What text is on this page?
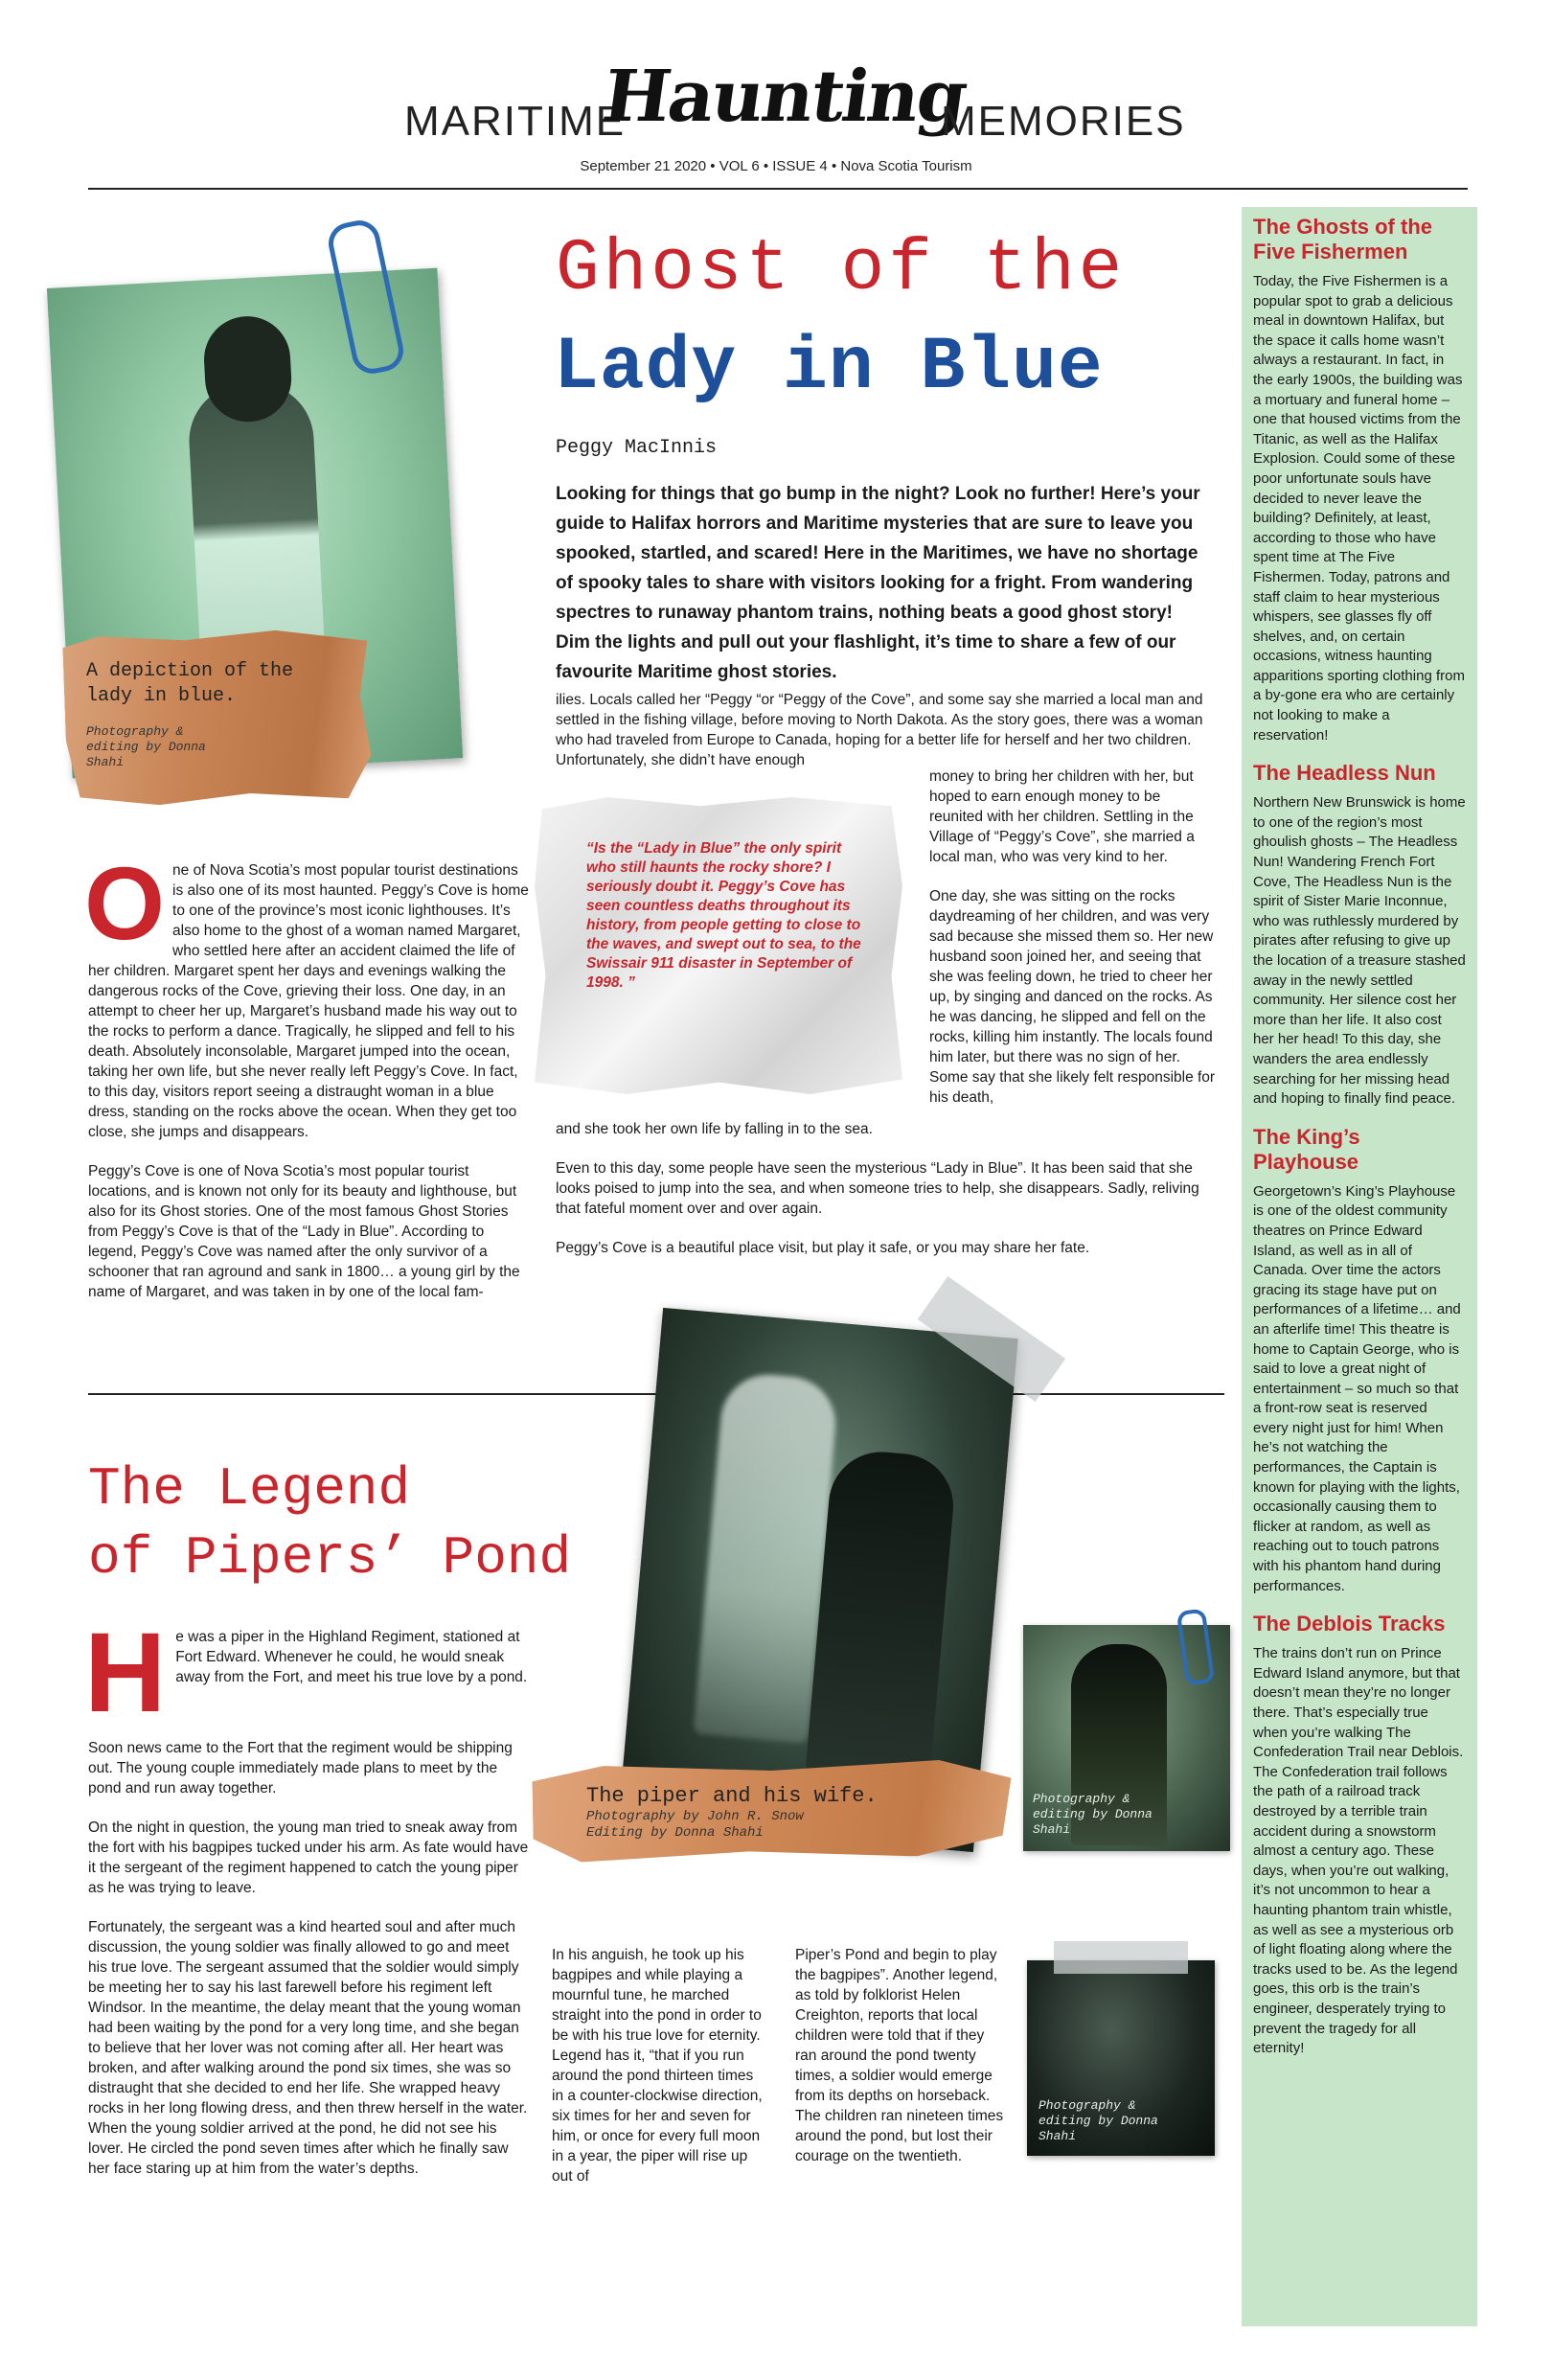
MARITIME
Haunting
MEMORIES
September 21 2020 • VOL 6 • ISSUE 4 • Nova Scotia Tourism
A depiction of the lady in blue.
Photography & editing by Donna Shahi
Ghost of the
Lady in Blue
Peggy MacInnis

Looking for things that go bump in the night? Look no further! Here’s your guide to Halifax horrors and Maritime mysteries that are sure to leave you spooked, startled, and scared! Here in the Maritimes, we have no shortage of spooky tales to share with visitors looking for a fright. From wandering spectres to runaway phantom trains, nothing beats a good ghost story!

Dim the lights and pull out your flashlight, it’s time to share a few of our favourite Maritime ghost stories.

ilies. Locals called her “Peggy “or “Peggy of the Cove”, and some say she married a local man and settled in the fishing village, before moving to North Dakota. As the story goes, there was a woman who had traveled from Europe to Canada, hoping for a better life for herself and her two children. Unfortunately, she didn’t have enough

money to bring her children with her, but hoped to earn enough money to be reunited with her children. Settling in the Village of “Peggy’s Cove”, she married a local man, who was very kind to her.

One day, she was sitting on the rocks daydreaming of her children, and was very sad because she missed them so. Her new husband soon joined her, and seeing that she was feeling down, he tried to cheer her up, by singing and danced on the rocks. As he was dancing, he slipped and fell on the rocks, killing him instantly. The locals found him later, but there was no sign of her. Some say that she likely felt responsible for his death,

and she took her own life by falling in to the sea.

Even to this day, some people have seen the mysterious “Lady in Blue”. It has been said that she looks poised to jump into the sea, and when someone tries to help, she disappears. Sadly, reliving that fateful moment over and over again.

Peggy’s Cove is a beautiful place visit, but play it safe, or you may share her fate.

“Is the “Lady in Blue” the only spirit who still haunts the rocky shore? I seriously doubt it. Peggy’s Cove has seen countless deaths throughout its history, from people getting to close to the waves, and swept out to sea, to the Swissair 911 disaster in September of 1998. ”

One of Nova Scotia’s most popular tourist destinations is also one of its most haunted. Peggy’s Cove is home to one of the province’s most iconic lighthouses. It’s also home to the ghost of a woman named Margaret, who settled here after an accident claimed the life of her children. Margaret spent her days and evenings walking the dangerous rocks of the Cove, grieving their loss. One day, in an attempt to cheer her up, Margaret’s husband made his way out to the rocks to perform a dance. Tragically, he slipped and fell to his death. Absolutely inconsolable, Margaret jumped into the ocean, taking her own life, but she never really left Peggy’s Cove. In fact, to this day, visitors report seeing a distraught woman in a blue dress, standing on the rocks above the ocean. When they get too close, she jumps and disappears.

Peggy’s Cove is one of Nova Scotia’s most popular tourist locations, and is known not only for its beauty and lighthouse, but also for its Ghost stories. One of the most famous Ghost Stories from Peggy’s Cove is that of the “Lady in Blue”. According to legend, Peggy’s Cove was named after the only survivor of a schooner that ran aground and sank in 1800… a young girl by the name of Margaret, and was taken in by one of the local fam-

The piper and his wife.
Photography by John R. Snow
Editing by Donna Shahi
Photography & editing by Donna Shahi
Photography & editing by Donna Shahi
The Legend
of Pipers’ Pond

He was a piper in the Highland Regiment, stationed at Fort Edward. Whenever he could, he would sneak away from the Fort, and meet his true love by a pond.

Soon news came to the Fort that the regiment would be shipping out. The young couple immediately made plans to meet by the pond and run away together.

On the night in question, the young man tried to sneak away from the fort with his bagpipes tucked under his arm. As fate would have it the sergeant of the regiment happened to catch the young piper as he was trying to leave.

Fortunately, the sergeant was a kind hearted soul and after much discussion, the young soldier was finally allowed to go and meet his true love. The sergeant assumed that the soldier would simply be meeting her to say his last farewell before his regiment left Windsor. In the meantime, the delay meant that the young woman had been waiting by the pond for a very long time, and she began to believe that her lover was not coming after all. Her heart was broken, and after walking around the pond six times, she was so distraught that she decided to end her life. She wrapped heavy rocks in her long flowing dress, and then threw herself in the water. When the young soldier arrived at the pond, he did not see his lover. He circled the pond seven times after which he finally saw her face staring up at him from the water’s depths.

In his anguish, he took up his bagpipes and while playing a mournful tune, he marched straight into the pond in order to be with his true love for eternity. Legend has it, “that if you run around the pond thirteen times in a counter-clockwise direction, six times for her and seven for him, or once for every full moon in a year, the piper will rise up out of
Piper’s Pond and begin to play the bagpipes”. Another legend, as told by folklorist Helen Creighton, reports that local children were told that if they ran around the pond twenty times, a soldier would emerge from its depths on horseback. The children ran nineteen times around the pond, but lost their courage on the twentieth.
The Ghosts of the Five Fishermen
Today, the Five Fishermen is a popular spot to grab a delicious meal in downtown Halifax, but the space it calls home wasn’t always a restaurant. In fact, in the early 1900s, the building was a mortuary and funeral home – one that housed victims from the Titanic, as well as the Halifax Explosion. Could some of these poor unfortunate souls have decided to never leave the building? Definitely, at least, according to those who have spent time at The Five Fishermen. Today, patrons and staff claim to hear mysterious whispers, see glasses fly off shelves, and, on certain occasions, witness haunting apparitions sporting clothing from a by-gone era who are certainly not looking to make a reservation!
The Headless Nun
Northern New Brunswick is home to one of the region’s most ghoulish ghosts – The Headless Nun! Wandering French Fort Cove, The Headless Nun is the spirit of Sister Marie Inconnue, who was ruthlessly murdered by pirates after refusing to give up the location of a treasure stashed away in the newly settled community. Her silence cost her more than her life. It also cost her her head! To this day, she wanders the area endlessly searching for her missing head and hoping to finally find peace.
The King’s Playhouse
Georgetown’s King’s Playhouse is one of the oldest community theatres on Prince Edward Island, as well as in all of Canada. Over time the actors gracing its stage have put on performances of a lifetime… and an afterlife time! This theatre is home to Captain George, who is said to love a great night of entertainment – so much so that a front-row seat is reserved every night just for him! When he’s not watching the performances, the Captain is known for playing with the lights, occasionally causing them to flicker at random, as well as reaching out to touch patrons with his phantom hand during performances.
The Deblois Tracks
The trains don’t run on Prince Edward Island anymore, but that doesn’t mean they’re no longer there. That’s especially true when you’re walking The Confederation Trail near Deblois. The Confederation trail follows the path of a railroad track destroyed by a terrible train accident during a snowstorm almost a century ago. These days, when you’re out walking, it’s not uncommon to hear a haunting phantom train whistle, as well as see a mysterious orb of light floating along where the tracks used to be. As the legend goes, this orb is the train’s engineer, desperately trying to prevent the tragedy for all eternity!
